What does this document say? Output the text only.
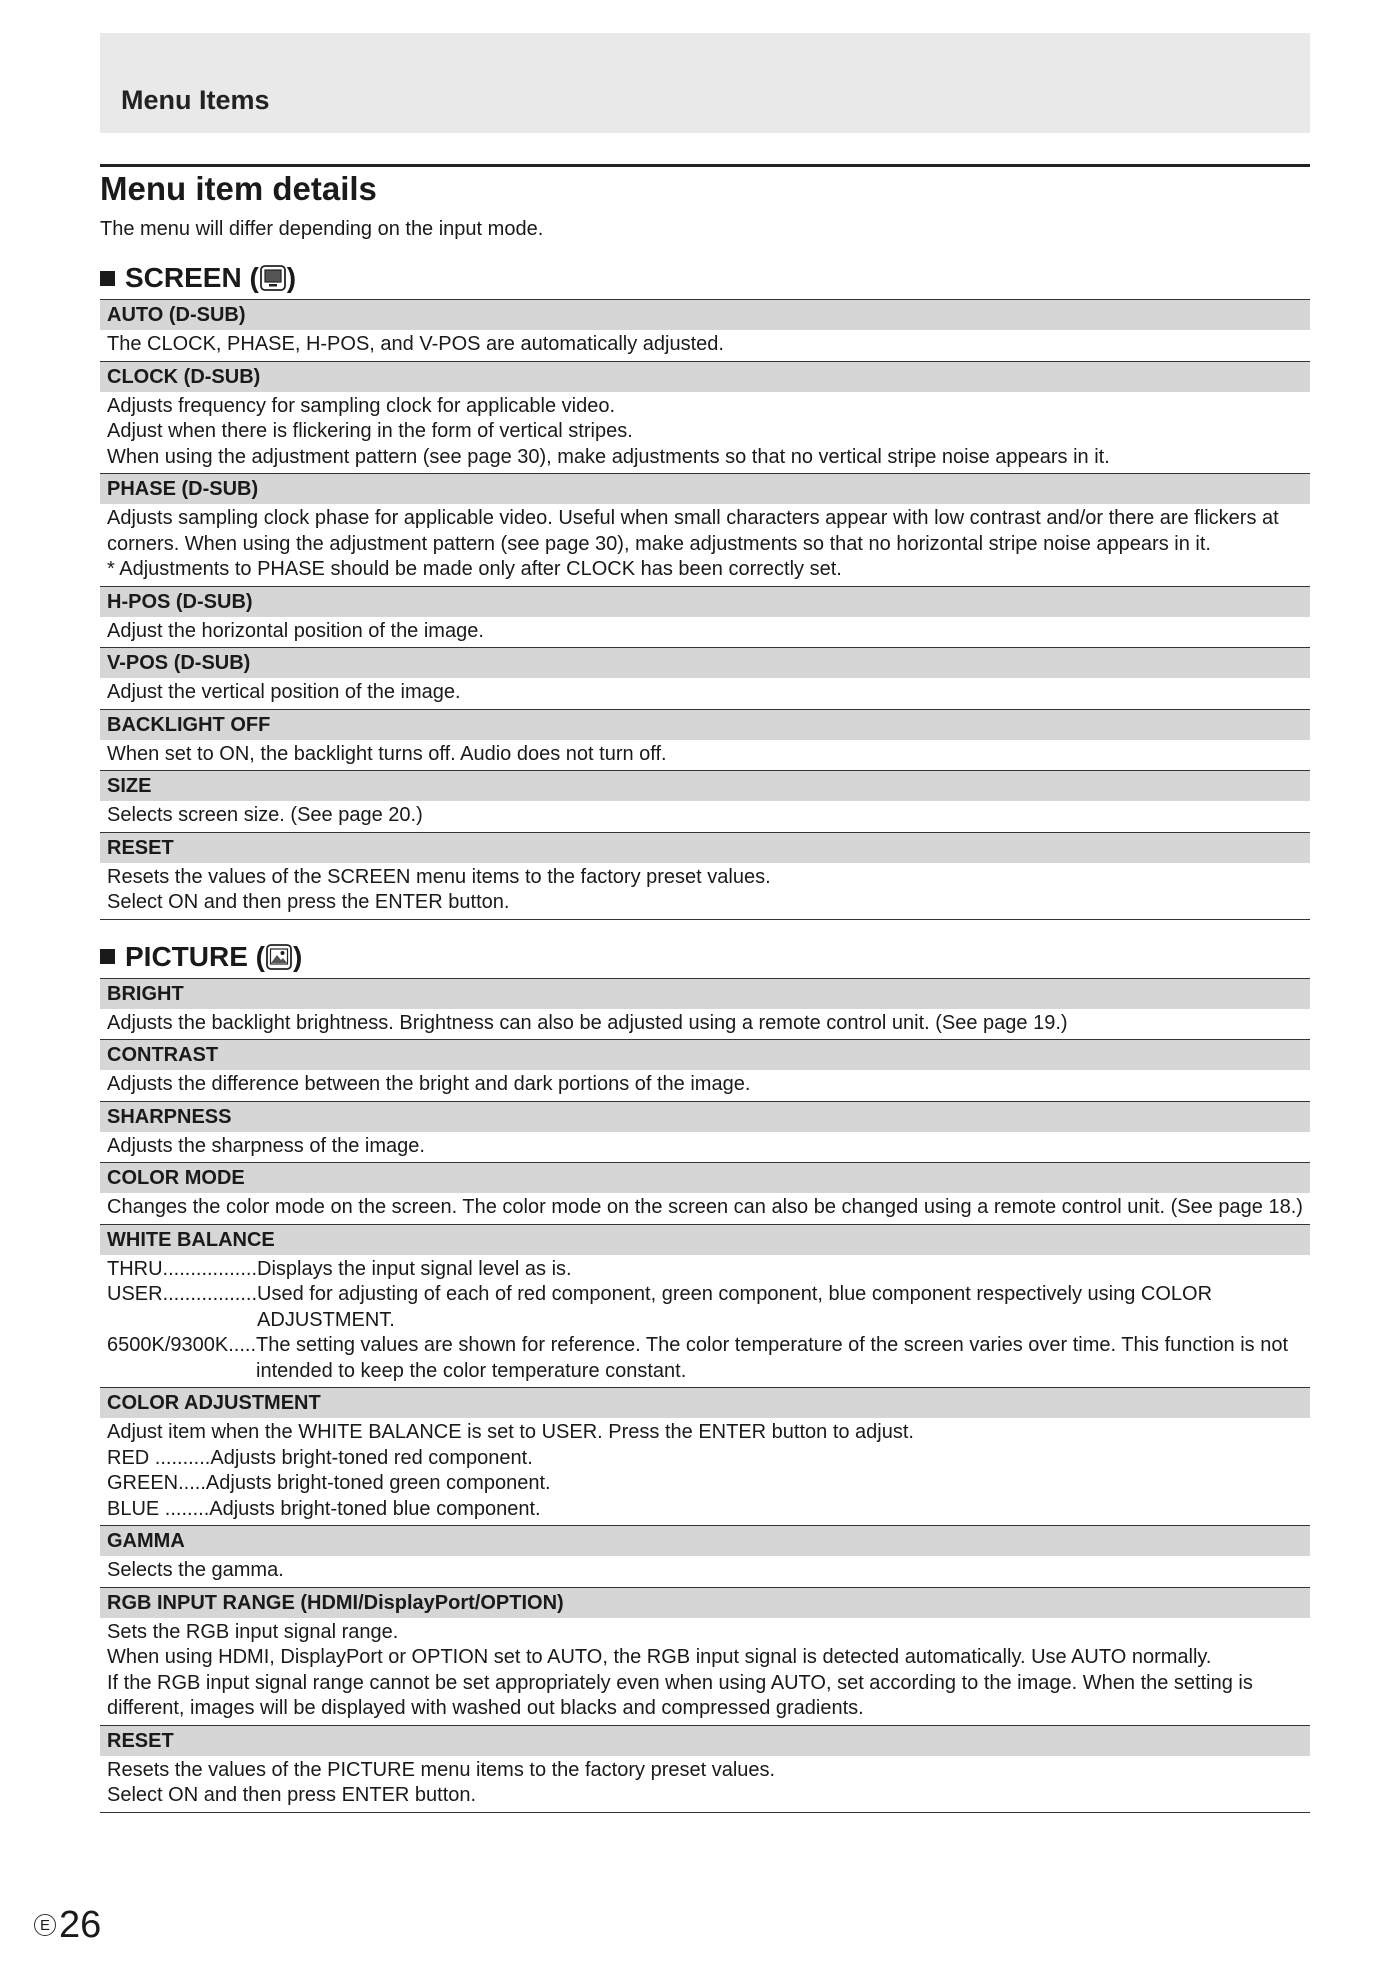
Menu Items
Menu item details
The menu will differ depending on the input mode.
SCREEN ( )
AUTO (D-SUB)
The CLOCK, PHASE, H-POS, and V-POS are automatically adjusted.
CLOCK (D-SUB)
Adjusts frequency for sampling clock for applicable video.
Adjust when there is flickering in the form of vertical stripes.
When using the adjustment pattern (see page 30), make adjustments so that no vertical stripe noise appears in it.
PHASE (D-SUB)
Adjusts sampling clock phase for applicable video. Useful when small characters appear with low contrast and/or there are flickers at corners. When using the adjustment pattern (see page 30), make adjustments so that no horizontal stripe noise appears in it.
* Adjustments to PHASE should be made only after CLOCK has been correctly set.
H-POS (D-SUB)
Adjust the horizontal position of the image.
V-POS (D-SUB)
Adjust the vertical position of the image.
BACKLIGHT OFF
When set to ON, the backlight turns off. Audio does not turn off.
SIZE
Selects screen size. (See page 20.)
RESET
Resets the values of the SCREEN menu items to the factory preset values.
Select ON and then press the ENTER button.
PICTURE ( )
BRIGHT
Adjusts the backlight brightness. Brightness can also be adjusted using a remote control unit. (See page 19.)
CONTRAST
Adjusts the difference between the bright and dark portions of the image.
SHARPNESS
Adjusts the sharpness of the image.
COLOR MODE
Changes the color mode on the screen. The color mode on the screen can also be changed using a remote control unit. (See page 18.)
WHITE BALANCE
THRU................. Displays the input signal level as is.
USER................. Used for adjusting of each of red component, green component, blue component respectively using COLOR ADJUSTMENT.
6500K/9300K..... The setting values are shown for reference. The color temperature of the screen varies over time. This function is not intended to keep the color temperature constant.
COLOR ADJUSTMENT
Adjust item when the WHITE BALANCE is set to USER. Press the ENTER button to adjust.
RED .......... Adjusts bright-toned red component.
GREEN..... Adjusts bright-toned green component.
BLUE ........ Adjusts bright-toned blue component.
GAMMA
Selects the gamma.
RGB INPUT RANGE (HDMI/DisplayPort/OPTION)
Sets the RGB input signal range.
When using HDMI, DisplayPort or OPTION set to AUTO, the RGB input signal is detected automatically. Use AUTO normally.
If the RGB input signal range cannot be set appropriately even when using AUTO, set according to the image. When the setting is different, images will be displayed with washed out blacks and compressed gradients.
RESET
Resets the values of the PICTURE menu items to the factory preset values.
Select ON and then press ENTER button.
E 26
